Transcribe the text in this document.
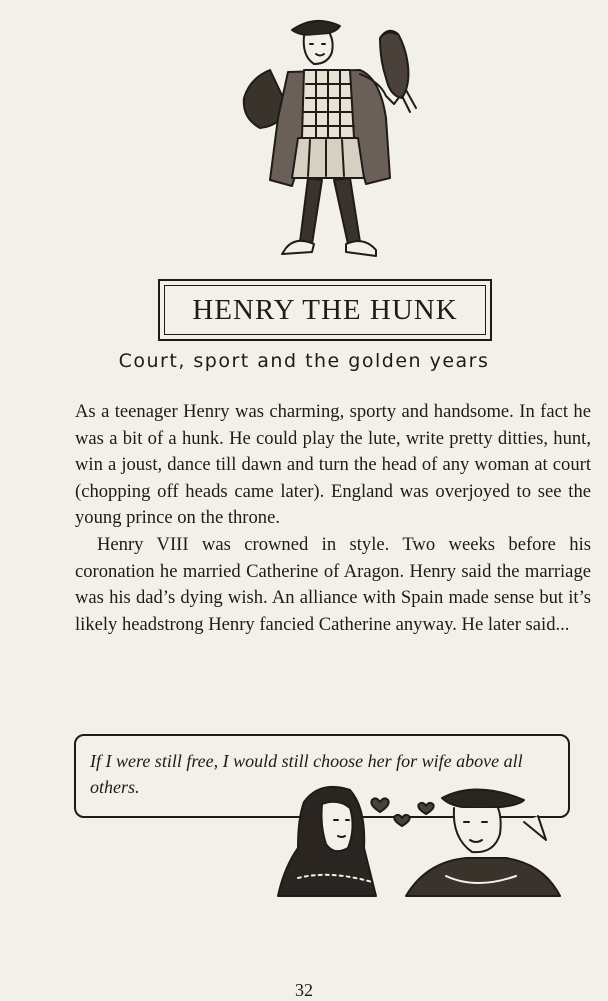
HENRY THE HUNK
Court, sport and the golden years

As a teenager Henry was charming, sporty and handsome. In fact he was a bit of a hunk. He could play the lute, write pretty ditties, hunt, win a joust, dance till dawn and turn the head of any woman at court (chopping off heads came later). England was overjoyed to see the young prince on the throne.

Henry VIII was crowned in style. Two weeks before his coronation he married Catherine of Aragon. Henry said the marriage was his dad’s dying wish. An alliance with Spain made sense but it’s likely headstrong Henry fancied Catherine anyway. He later said...

If I were still free, I would still choose her for wife above all others.
32
